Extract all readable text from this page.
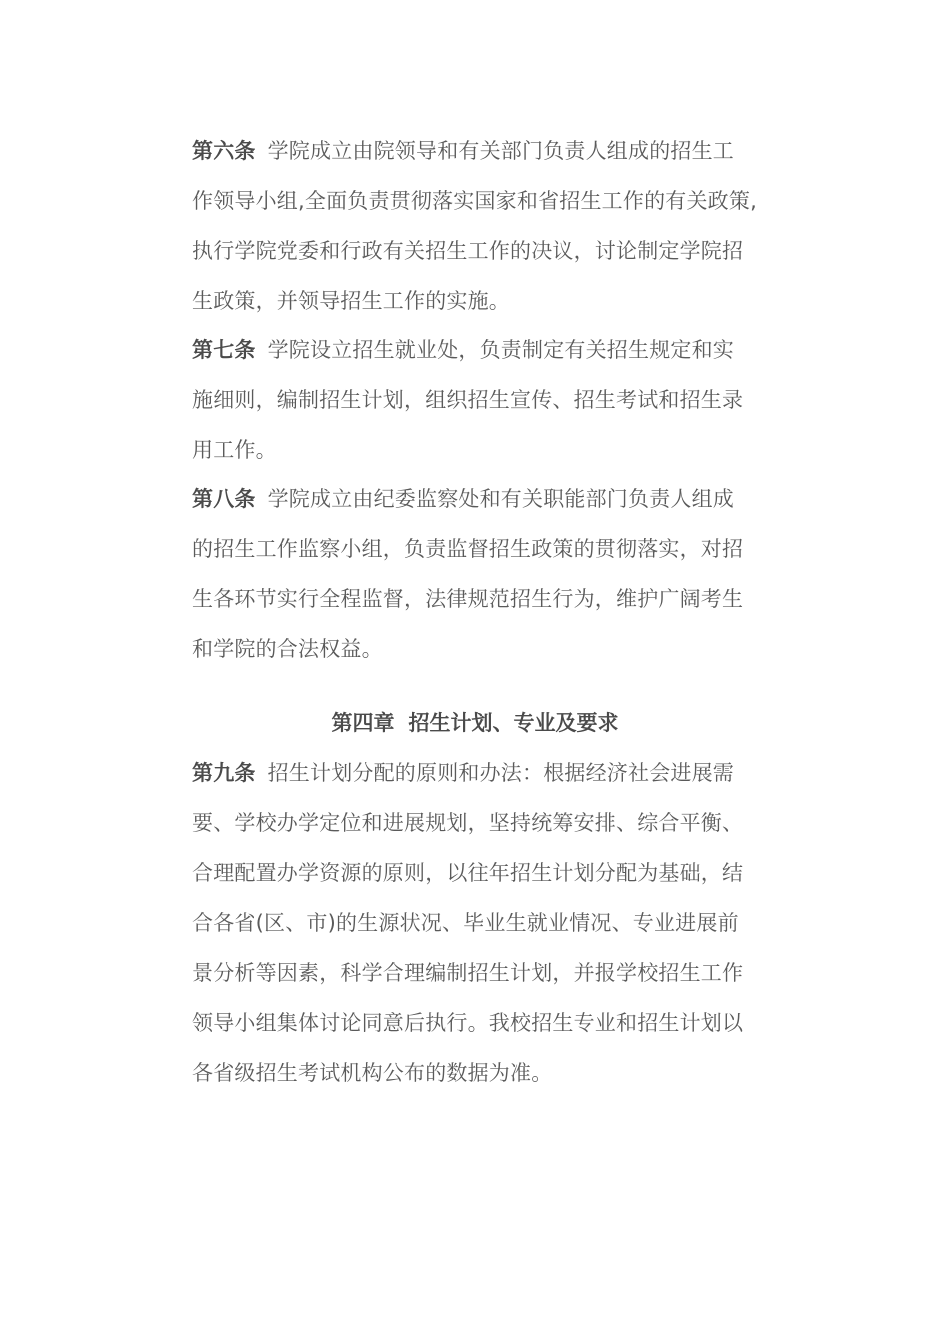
第六条 学院成立由院领导和有关部门负责人组成的招生工
作领导小组,全面负责贯彻落实国家和省招生工作的有关政策,
执行学院党委和行政有关招生工作的决议，讨论制定学院招
生政策，并领导招生工作的实施。
第七条 学院设立招生就业处，负责制定有关招生规定和实
施细则，编制招生计划，组织招生宣传、招生考试和招生录
用工作。
第八条 学院成立由纪委监察处和有关职能部门负责人组成
的招生工作监察小组，负责监督招生政策的贯彻落实，对招
生各环节实行全程监督，法律规范招生行为，维护广阔考生
和学院的合法权益。
第四章 招生计划、专业及要求
第九条 招生计划分配的原则和办法：根据经济社会进展需
要、学校办学定位和进展规划，坚持统筹安排、综合平衡、
合理配置办学资源的原则，以往年招生计划分配为基础，结
合各省(区、市)的生源状况、毕业生就业情况、专业进展前
景分析等因素，科学合理编制招生计划，并报学校招生工作
领导小组集体讨论同意后执行。我校招生专业和招生计划以
各省级招生考试机构公布的数据为准。
